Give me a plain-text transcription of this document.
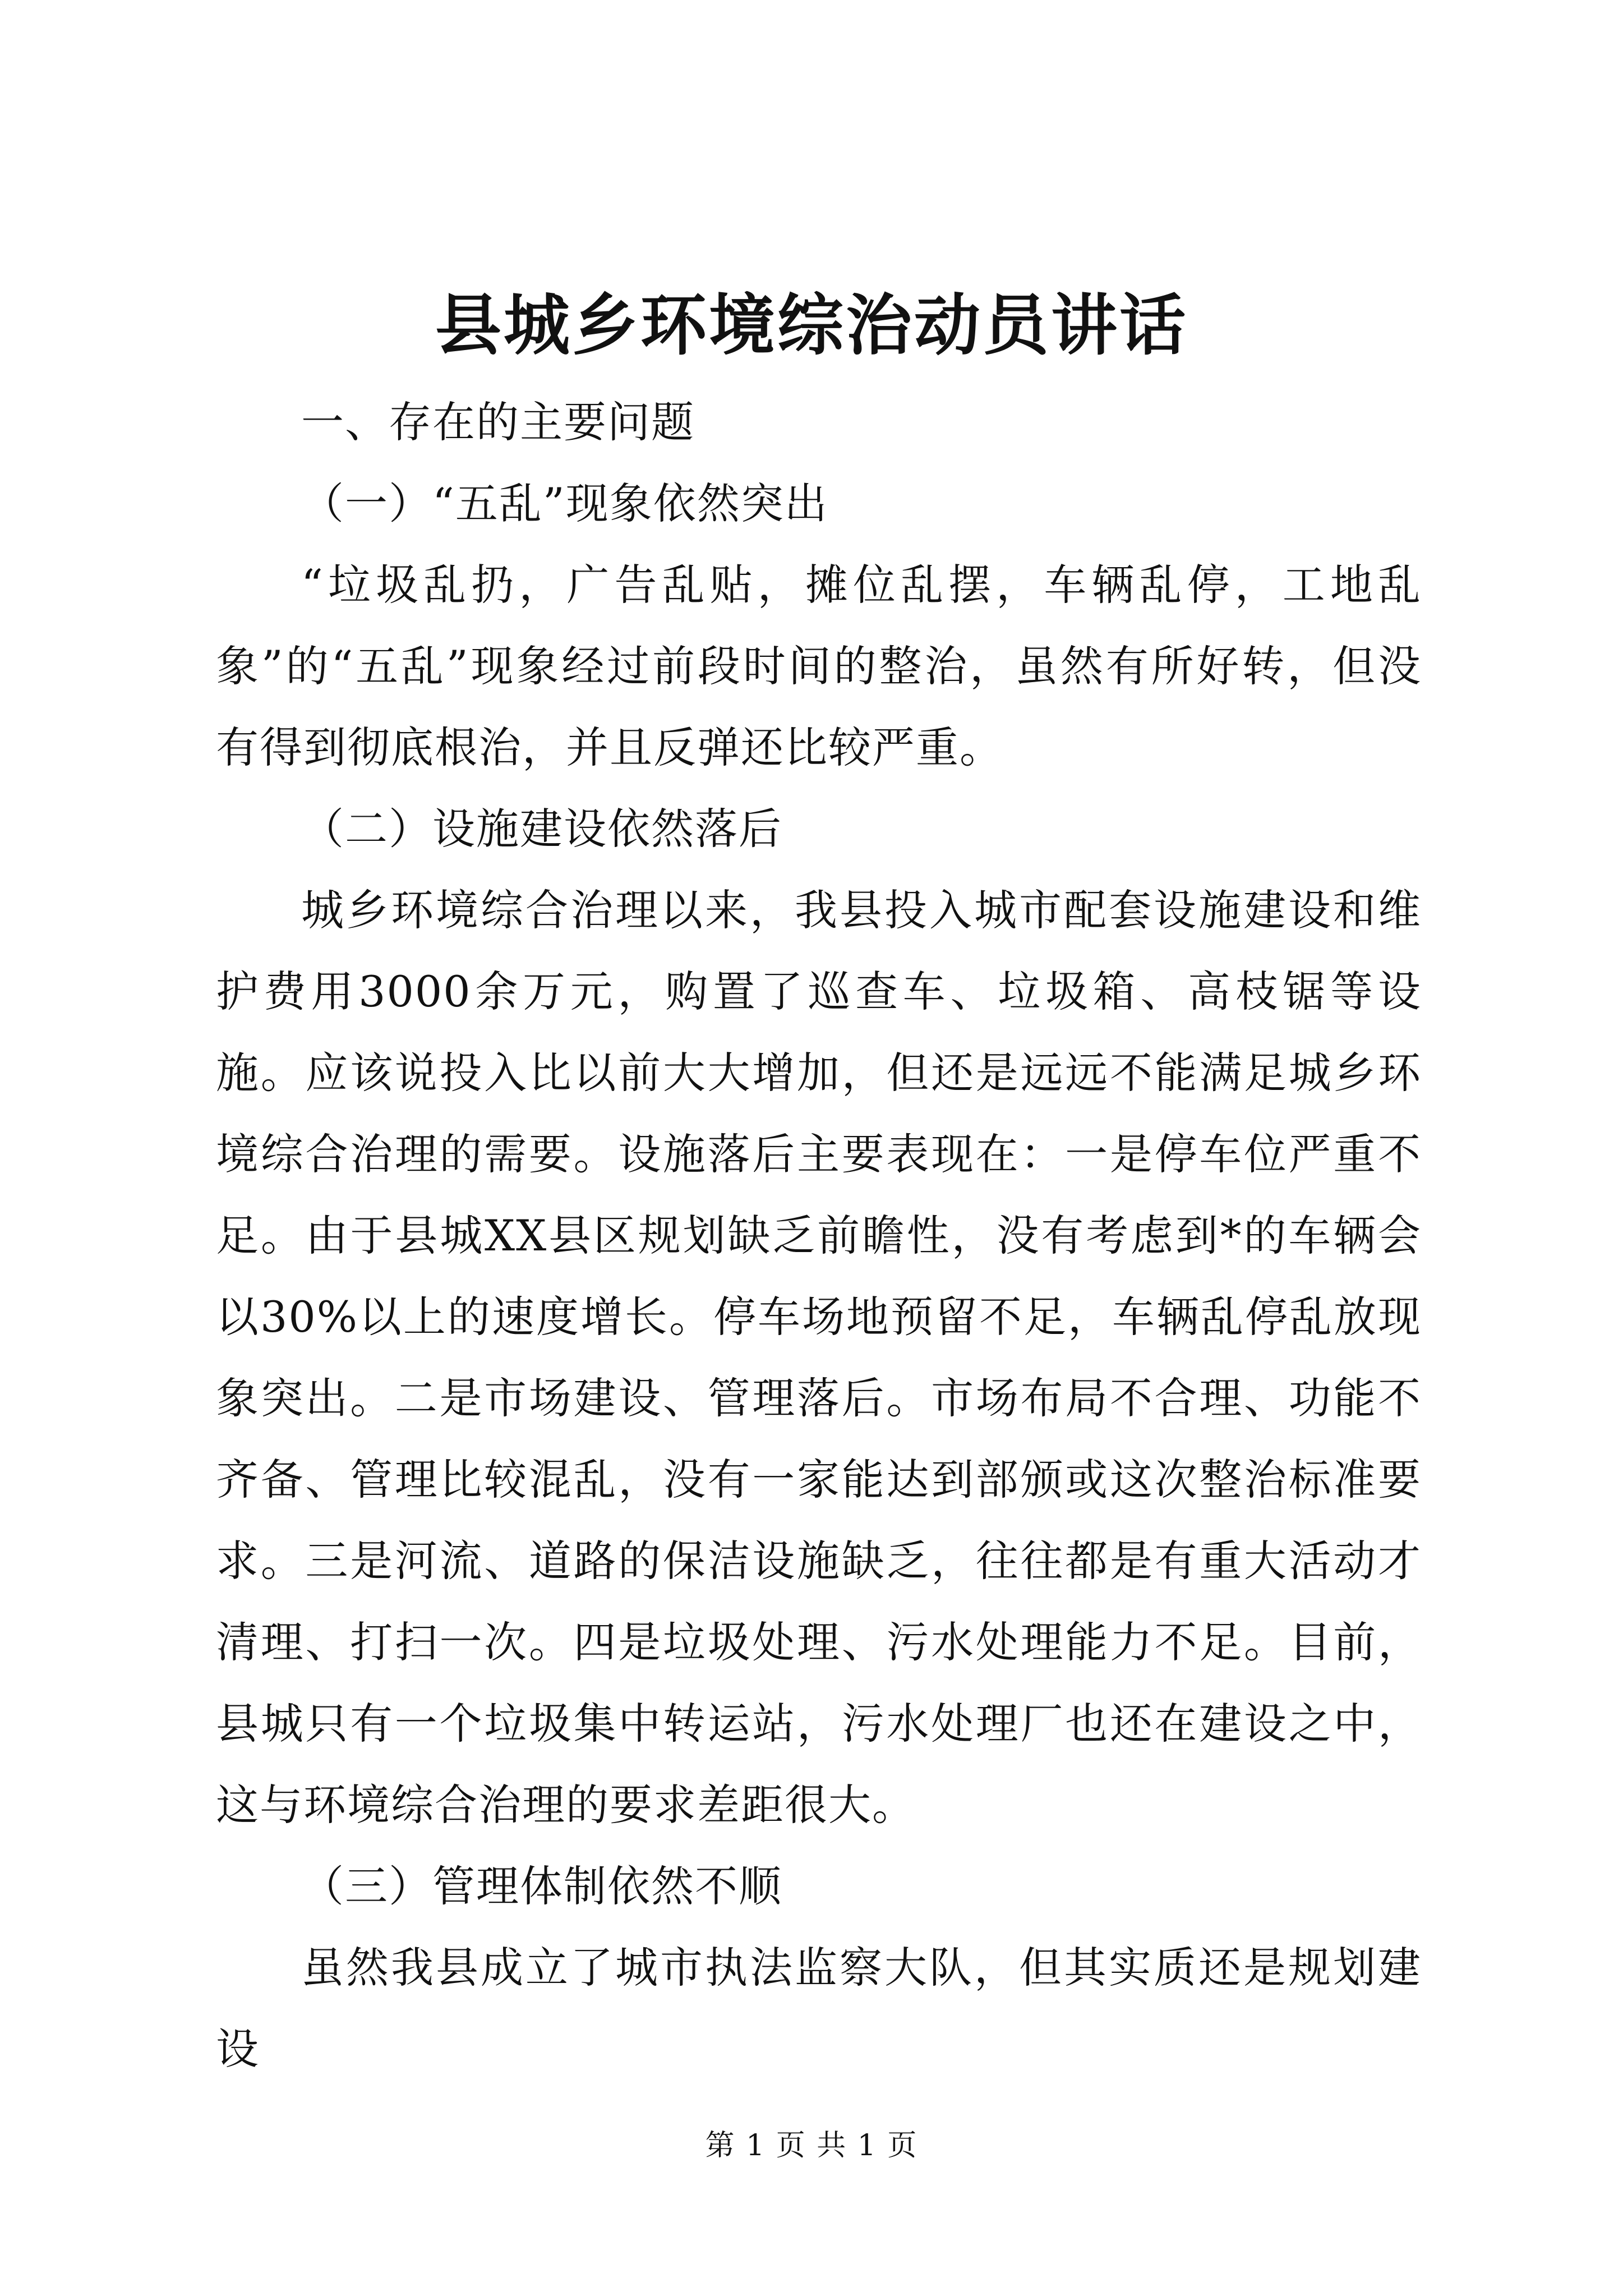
县城乡环境综治动员讲话

一、存在的主要问题

（一）“五乱”现象依然突出

“垃圾乱扔，广告乱贴，摊位乱摆，车辆乱停，工地乱象”的“五乱”现象经过前段时间的整治，虽然有所好转，但没有得到彻底根治，并且反弹还比较严重。

（二）设施建设依然落后

城乡环境综合治理以来，我县投入城市配套设施建设和维护费用3000余万元，购置了巡查车、垃圾箱、高枝锯等设施。应该说投入比以前大大增加，但还是远远不能满足城乡环境综合治理的需要。设施落后主要表现在：一是停车位严重不足。由于县城XX县区规划缺乏前瞻性，没有考虑到*的车辆会以30%以上的速度增长。停车场地预留不足，车辆乱停乱放现象突出。二是市场建设、管理落后。市场布局不合理、功能不齐备、管理比较混乱，没有一家能达到部颁或这次整治标准要求。三是河流、道路的保洁设施缺乏，往往都是有重大活动才清理、打扫一次。四是垃圾处理、污水处理能力不足。目前，县城只有一个垃圾集中转运站，污水处理厂也还在建设之中，这与环境综合治理的要求差距很大。

（三）管理体制依然不顺

虽然我县成立了城市执法监察大队，但其实质还是规划建设

第 1 页 共 1 页
